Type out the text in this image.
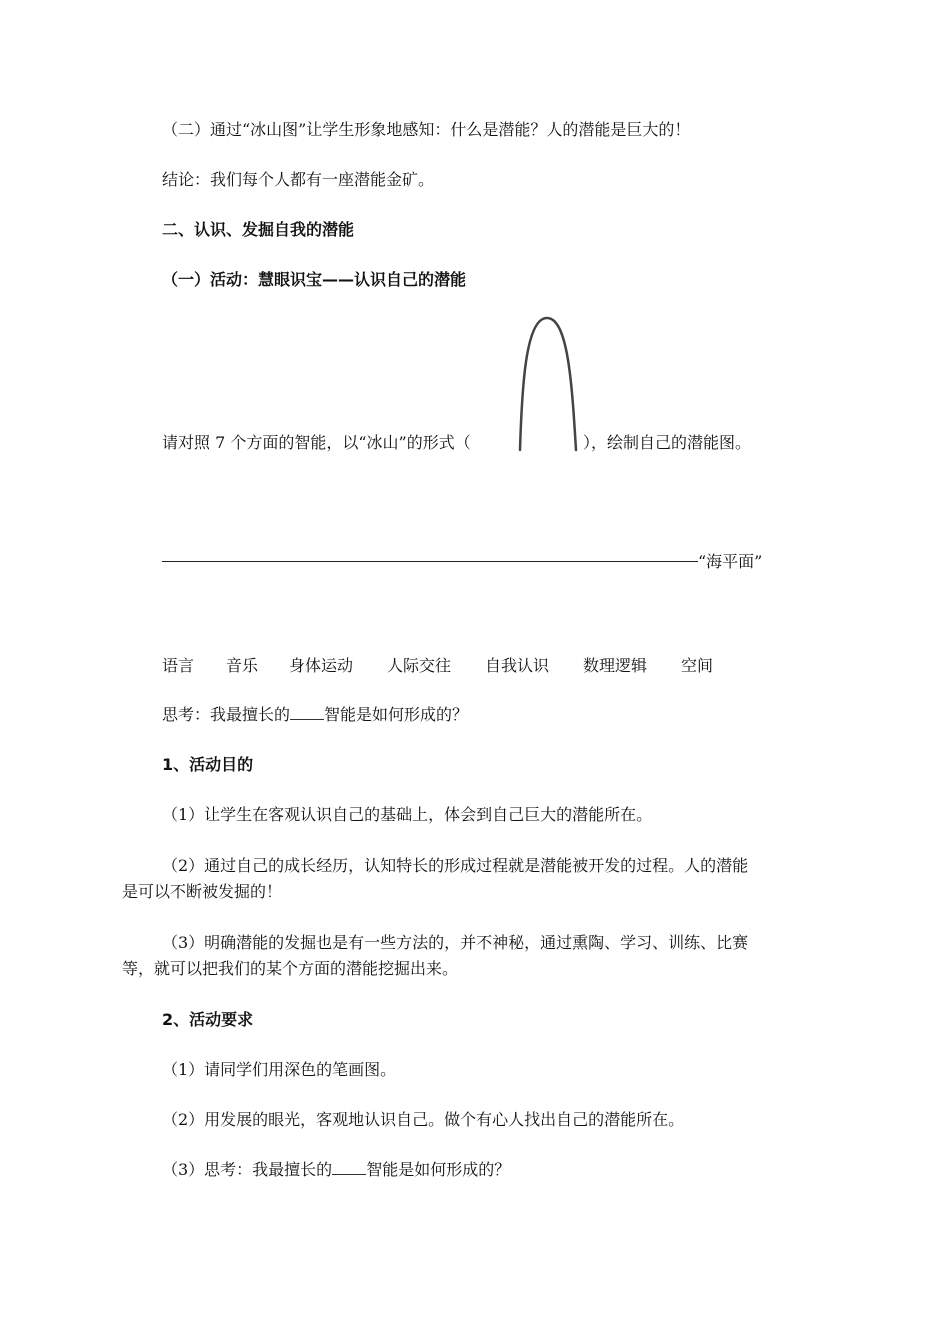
（二）通过“冰山图”让学生形象地感知：什么是潜能？人的潜能是巨大的！
结论：我们每个人都有一座潜能金矿。
二、认识、发掘自我的潜能
（一）活动：慧眼识宝——认识自己的潜能
请对照 7 个方面的智能，以“冰山”的形式（	），绘制自己的潜能图。
“海平面”
语言 音乐 身体运动 人际交往 自我认识 数理逻辑 空间
思考：我最擅长的 智能是如何形成的？
1、活动目的
（1）让学生在客观认识自己的基础上，体会到自己巨大的潜能所在。
（2）通过自己的成长经历，认知特长的形成过程就是潜能被开发的过程。人的潜能
是可以不断被发掘的！
（3）明确潜能的发掘也是有一些方法的，并不神秘，通过熏陶、学习、训练、比赛
等，就可以把我们的某个方面的潜能挖掘出来。
2、活动要求
（1）请同学们用深色的笔画图。
（2）用发展的眼光，客观地认识自己。做个有心人找出自己的潜能所在。
（3）思考：我最擅长的 智能是如何形成的？
